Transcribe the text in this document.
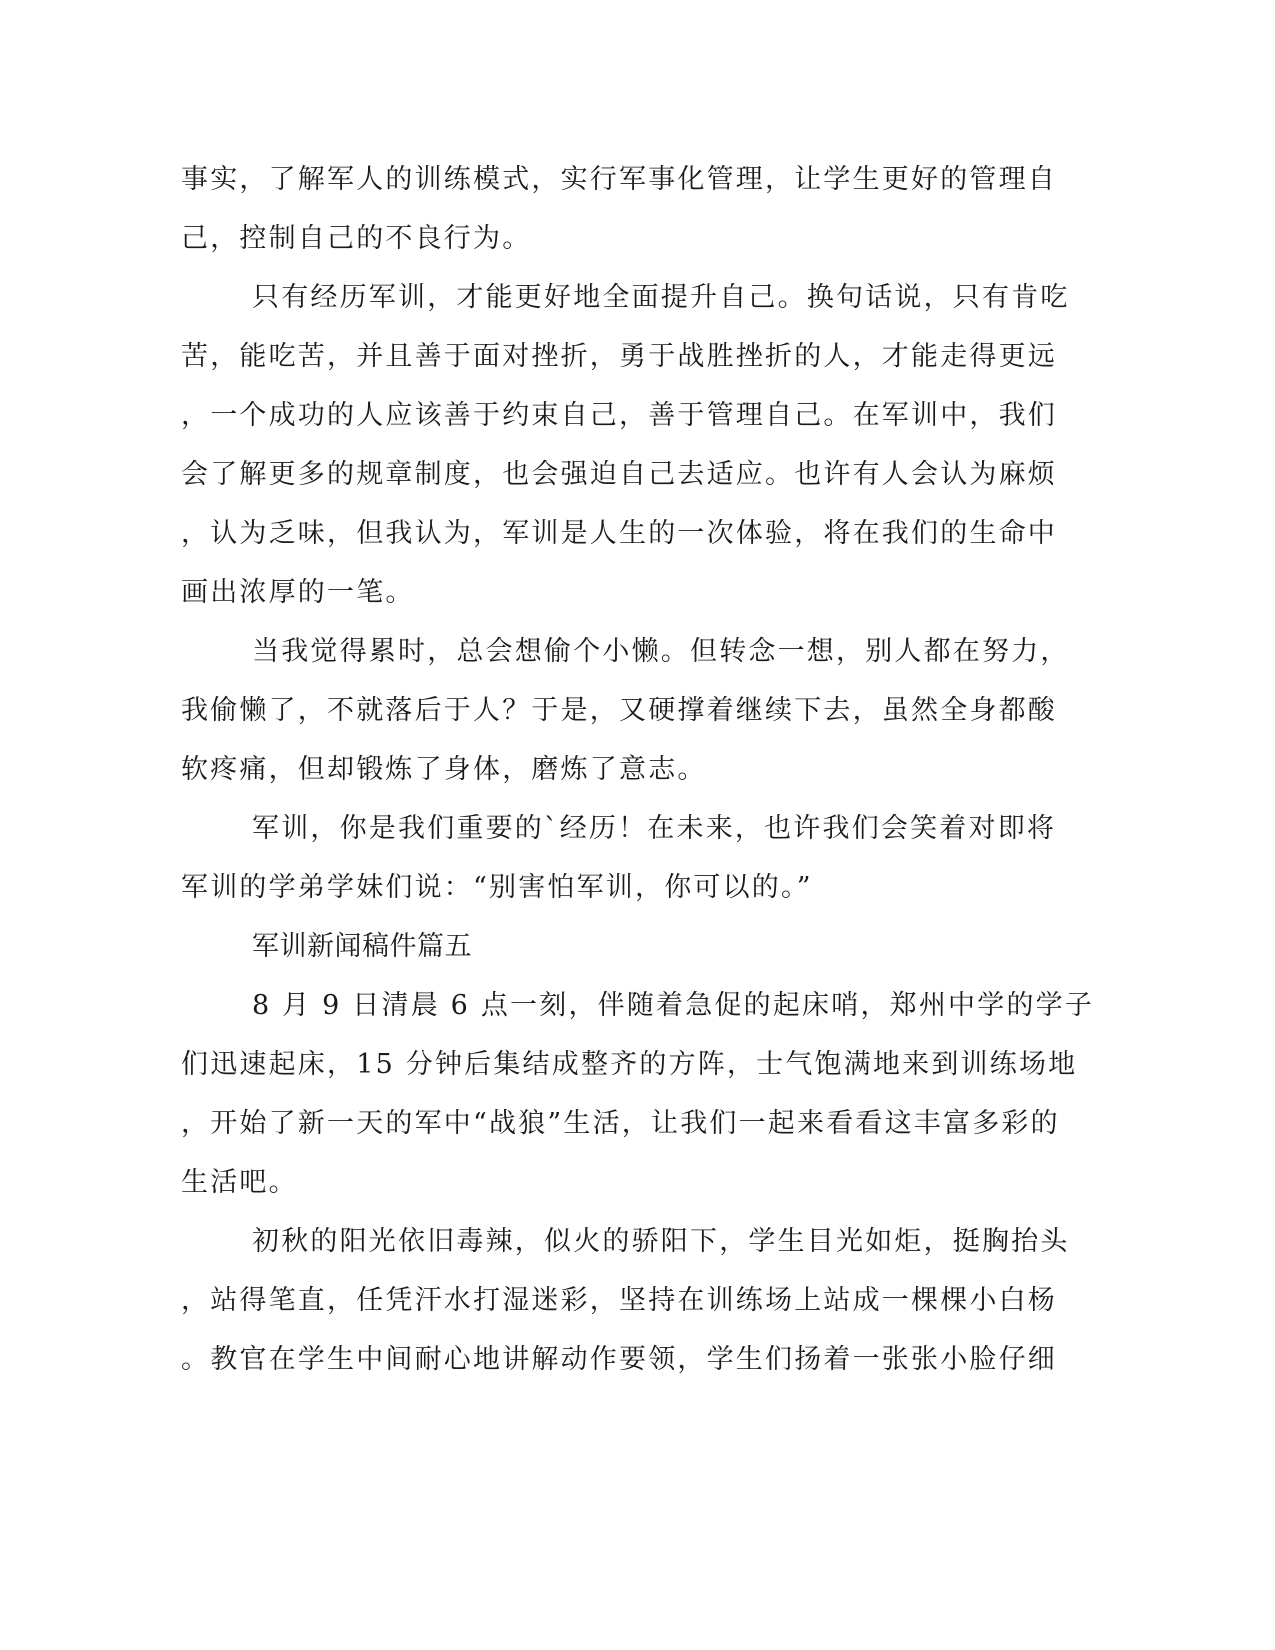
事实，了解军人的训练模式，实行军事化管理，让学生更好的管理自
己，控制自己的不良行为。
只有经历军训，才能更好地全面提升自己。换句话说，只有肯吃
苦，能吃苦，并且善于面对挫折，勇于战胜挫折的人，才能走得更远
，一个成功的人应该善于约束自己，善于管理自己。在军训中，我们
会了解更多的规章制度，也会强迫自己去适应。也许有人会认为麻烦
，认为乏味，但我认为，军训是人生的一次体验，将在我们的生命中
画出浓厚的一笔。
当我觉得累时，总会想偷个小懒。但转念一想，别人都在努力，
我偷懒了，不就落后于人？于是，又硬撑着继续下去，虽然全身都酸
软疼痛，但却锻炼了身体，磨炼了意志。
军训，你是我们重要的`经历！在未来，也许我们会笑着对即将
军训的学弟学妹们说：“别害怕军训，你可以的。”
军训新闻稿件篇五
8 月 9 日清晨 6 点一刻，伴随着急促的起床哨，郑州中学的学子
们迅速起床，15 分钟后集结成整齐的方阵，士气饱满地来到训练场地
，开始了新一天的军中“战狼”生活，让我们一起来看看这丰富多彩的
生活吧。
初秋的阳光依旧毒辣，似火的骄阳下，学生目光如炬，挺胸抬头
，站得笔直，任凭汗水打湿迷彩，坚持在训练场上站成一棵棵小白杨
。教官在学生中间耐心地讲解动作要领，学生们扬着一张张小脸仔细
